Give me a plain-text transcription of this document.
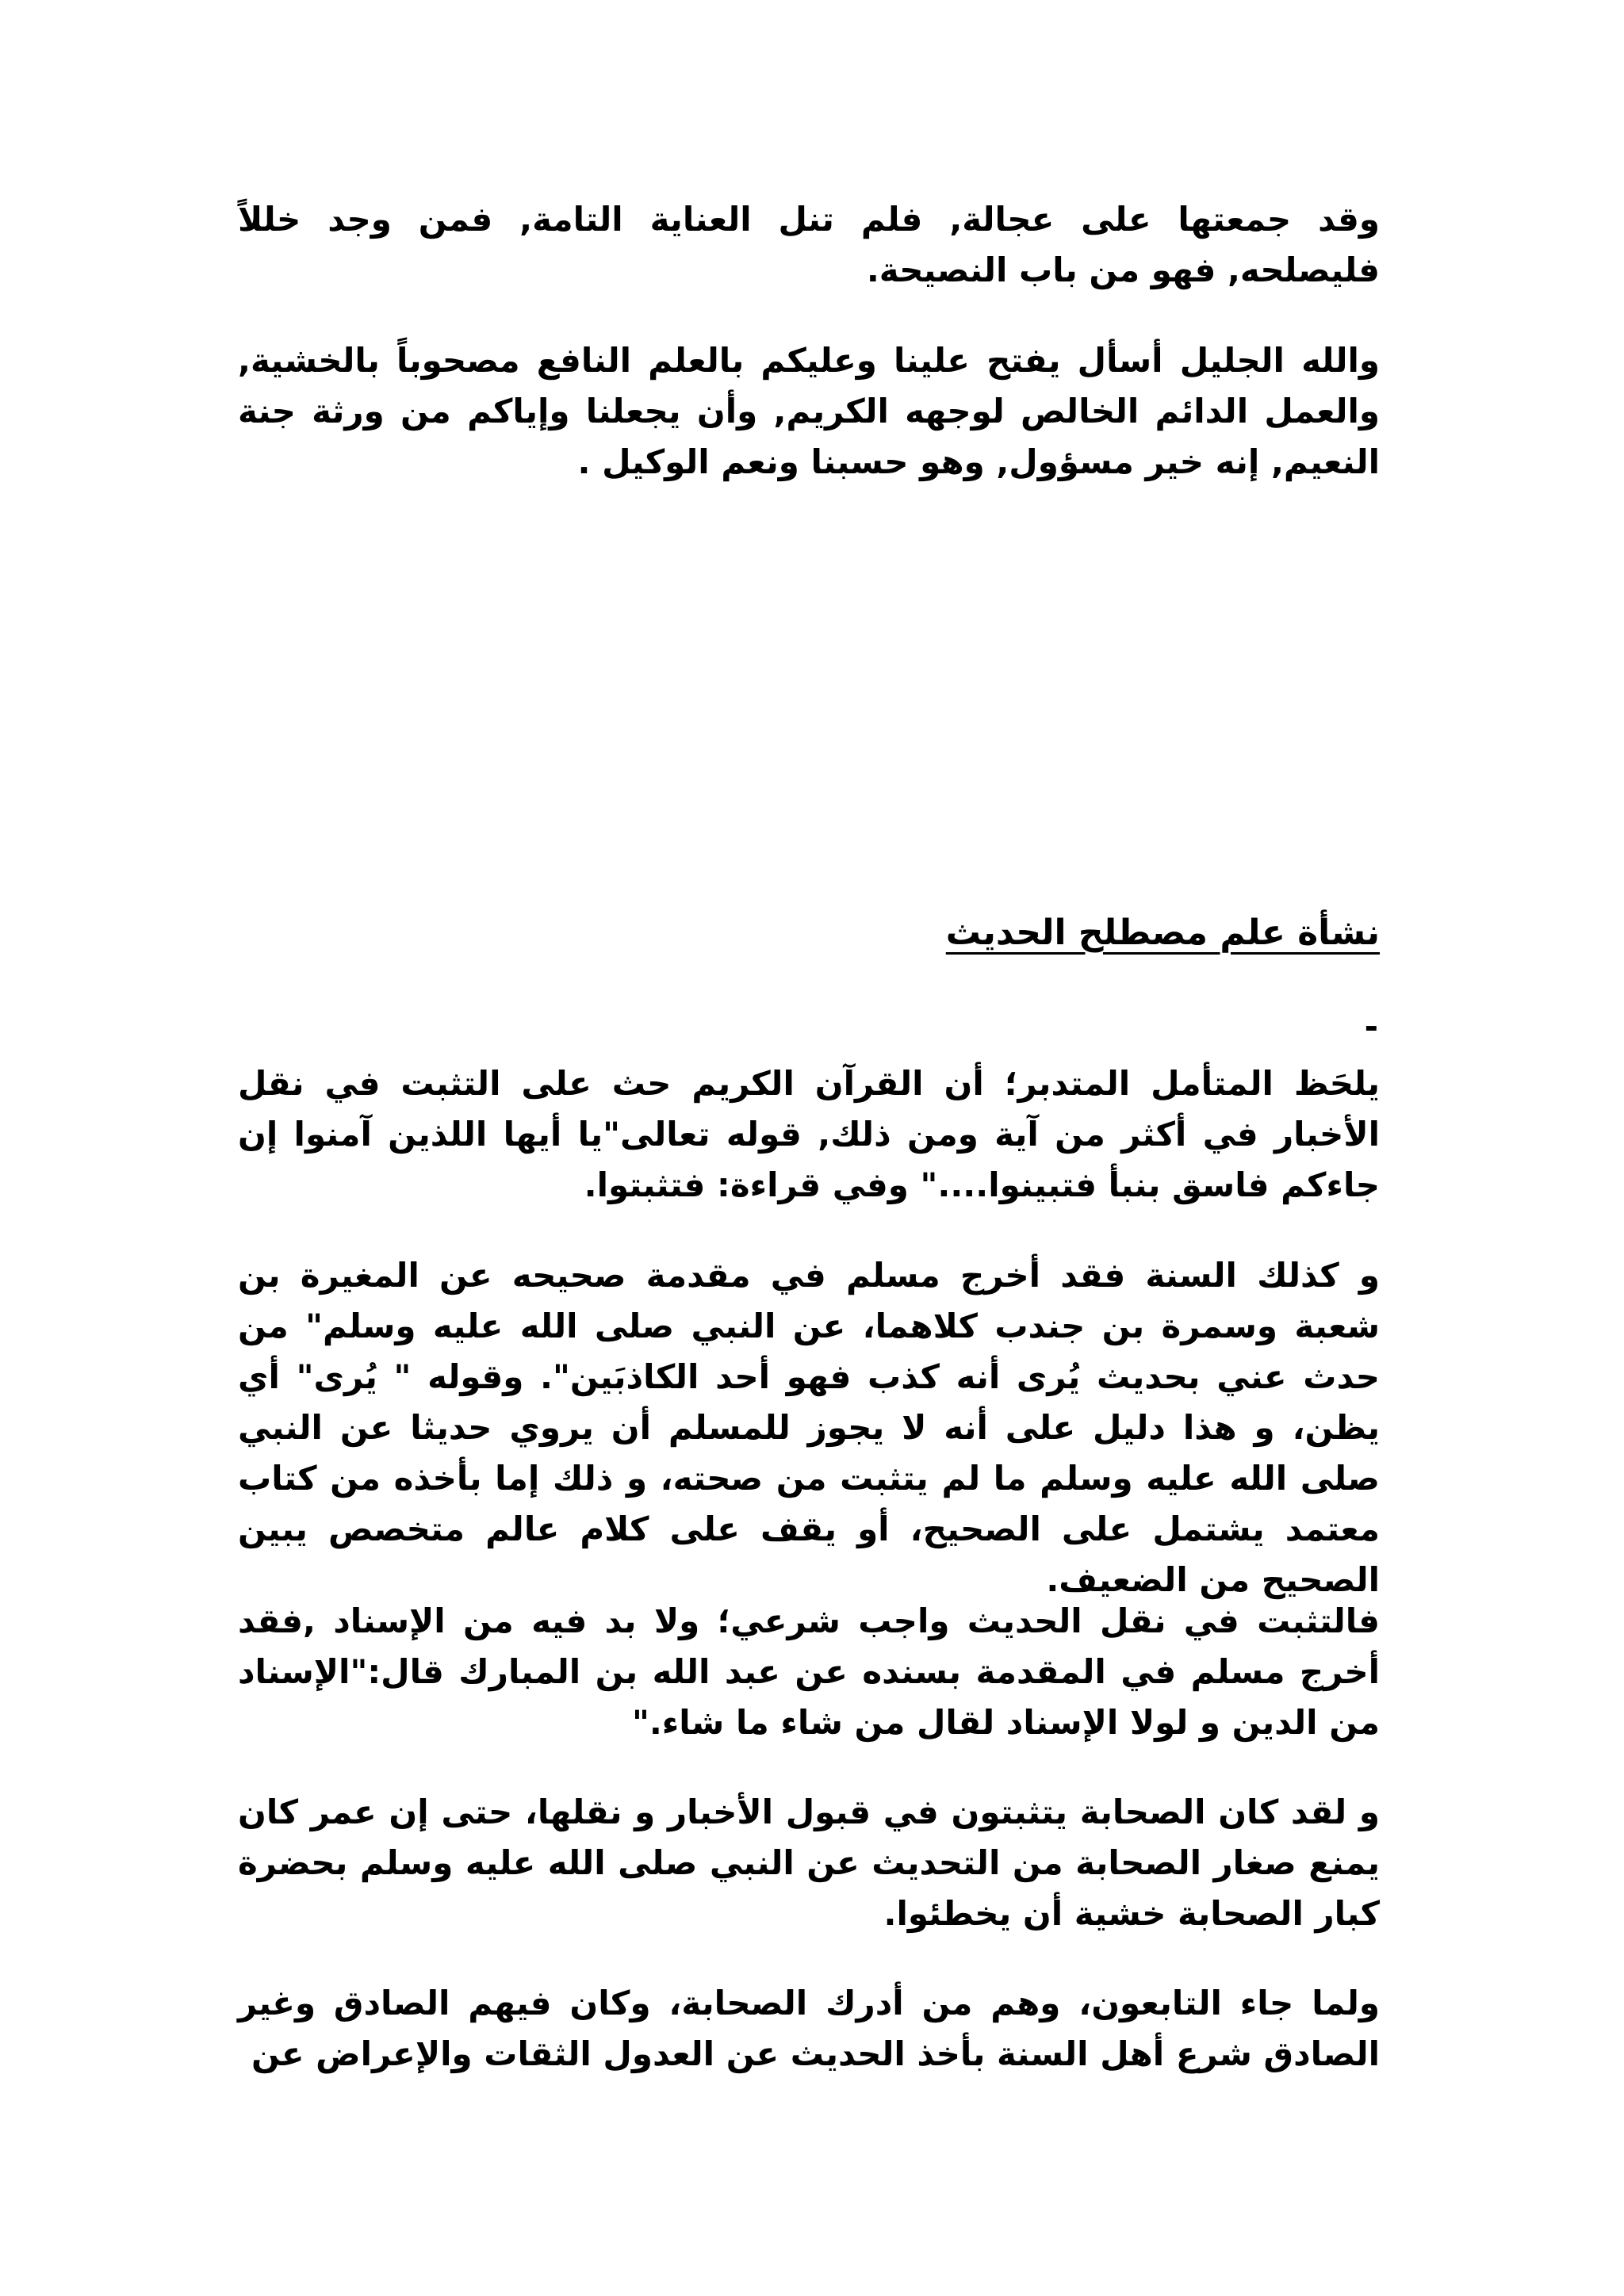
وقد جمعتها على عجالة, فلم تنل العناية التامة, فمن وجد خللاً فليصلحه, فهو من باب النصيحة.

والله الجليل أسأل يفتح علينا وعليكم بالعلم النافع مصحوباً بالخشية, والعمل الدائم الخالص لوجهه الكريم, وأن يجعلنا وإياكم من ورثة جنة النعيم, إنه خير مسؤول, وهو حسبنا ونعم الوكيل .

نشأة علم مصطلح الحديث
-

يلحَظ المتأمل المتدبر؛ أن القرآن الكريم حث على التثبت في نقل الأخبار في أكثر من آية ومن ذلك, قوله تعالى"يا أيها اللذين آمنوا إن جاءكم فاسق بنبأ فتبينوا...." وفي قراءة: فتثبتوا.

و كذلك السنة فقد أخرج مسلم في مقدمة صحيحه عن المغيرة بن شعبة وسمرة بن جندب كلاهما، عن النبي صلى الله عليه وسلم" من حدث عني بحديث يُرى أنه كذب فهو أحد الكاذبَين". وقوله " يُرى" أي يظن، و هذا دليل على أنه لا يجوز للمسلم أن يروي حديثا عن النبي صلى الله عليه وسلم ما لم يتثبت من صحته، و ذلك إما بأخذه من كتاب معتمد يشتمل على الصحيح، أو يقف على كلام عالم متخصص يبين الصحيح من الضعيف.

فالتثبت في نقل الحديث واجب شرعي؛ ولا بد فيه من الإسناد ,فقد أخرج مسلم في المقدمة بسنده عن عبد الله بن المبارك قال:"الإسناد من الدين و لولا الإسناد لقال من شاء ما شاء."

و لقد كان الصحابة يتثبتون في قبول الأخبار و نقلها، حتى إن عمر كان يمنع صغار الصحابة من التحديث عن النبي صلى الله عليه وسلم بحضرة كبار الصحابة خشية أن يخطئوا.

ولما جاء التابعون، وهم من أدرك الصحابة، وكان فيهم الصادق وغير الصادق شرع أهل السنة بأخذ الحديث عن العدول الثقات والإعراض عن
